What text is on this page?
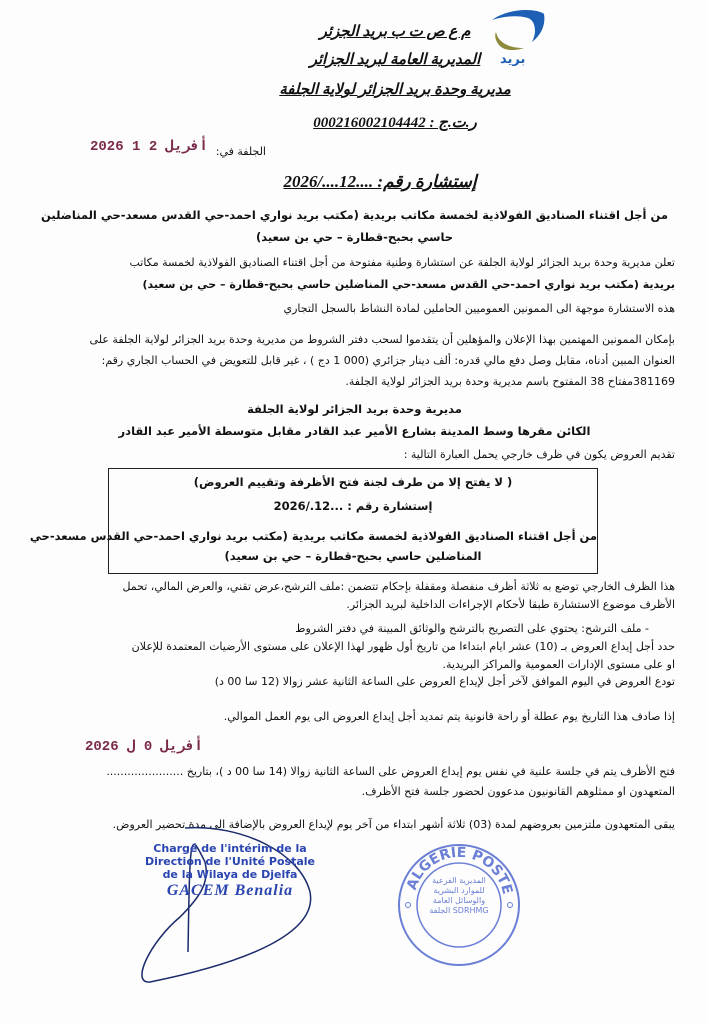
بريد
م ع ص ت ب بريد الجزئر
المديرية العامة لبريد الجزائر
مديرية وحدة بريد الجزائر لولاية الجلفة
ر.ت.ج : 000216002104442
الجلفة في:
2026 أفريل 2 1
إستشارة رقم: ....12..../2026
من أجل اقتناء الصناديق الفولاذية لخمسة مكاتب بريدية (مكتب بريد نواري احمد-حي القدس مسعد-حي المناضلين
حاسي بحبح-قطارة – حي بن سعيد)
تعلن مديرية وحدة بريد الجزائر لولاية الجلفة عن استشارة وطنية مفتوحة من أجل اقتناء الصناديق الفولاذية لخمسة مكاتب
بريدية (مكتب بريد نواري احمد-حي القدس مسعد-حي المناضلين حاسي بحبح-قطارة – حي بن سعيد)
هذه الاستشارة موجهة الى الممونين العموميين الحاملين لمادة النشاط بالسجل التجاري
بإمكان الممونين المهتمين بهذا الإعلان والمؤهلين أن يتقدموا لسحب دفتر الشروط من مديرية وحدة بريد الجزائر لولاية الجلفة على
العنوان المبين أدناه، مقابل وصل دفع مالي قدره: ألف دينار جزائري (000 1 دج ) ، غير قابل للتعويض في الحساب الجاري رقم:
381169مفتاح 38 المفتوح باسم مديرية وحدة بريد الجزائر لولاية الجلفة.
مديرية وحدة بريد الجزائر لولاية الجلفة
الكائن مقرها وسط المدينة بشارع الأمير عبد القادر مقابل متوسطة الأمير عبد القادر
تقديم العروض يكون في ظرف خارجي يحمل العبارة التالية :
( لا يفتح إلا من طرف لجنة فتح الأظرفة وتقييم العروض)
إستشارة رقم : ...12./2026
من أجل اقتناء الصناديق الفولاذية لخمسة مكاتب بريدية (مكتب بريد نواري احمد-حي القدس مسعد-حي
المناضلين حاسي بحبح-قطارة – حي بن سعيد)
هذا الظرف الخارجي توضع به ثلاثة أظرف منفصلة ومقفلة بإحكام تتضمن :ملف الترشح،عرض تقني، والعرض المالي، تحمل
الأظرف موضوع الاستشارة طبقا لأحكام الإجراءات الداخلية لبريد الجزائر.
- ملف الترشح: يحتوي على التصريح بالترشح والوثائق المبينة في دفتر الشروط
حدد أجل إيداع العروض بـ (10) عشر ايام ابتداءا من تاريخ أول ظهور لهذا الإعلان على مستوى الأرضيات المعتمدة للإعلان
او على مستوى الإدارات العمومية والمراكز البريدية.
تودع العروض في اليوم الموافق لآخر أجل لإيداع العروض على الساعة الثانية عشر زوالا (12 سا 00 د)
إذا صادف هذا التاريخ يوم عطلة أو راحة قانونية يتم تمديد أجل إيداع العروض الى يوم العمل الموالي.
2026 أفريل 0 ل
فتح الأظرف يتم في جلسة علنية في نفس يوم إيداع العروض على الساعة الثانية زوالا (14 سا 00 د )، بتاريخ ......................
المتعهدون او ممثلوهم القانونيون مدعوون لحضور جلسة فتح الأظرف.
يبقى المتعهدون ملتزمين بعروضهم لمدة (03) ثلاثة أشهر ابتداء من آخر يوم لإيداع العروض بالإضافة الى مدة تحضير العروض.
Chargé de l'intérim de la
Direction de l'Unité Postale
de la Wilaya de Djelfa
GACEM Benalia	ALGERIE POSTE
المديرية الفرعية للموارد البشرية والوسائل العامة SDRHMG الجلفة
